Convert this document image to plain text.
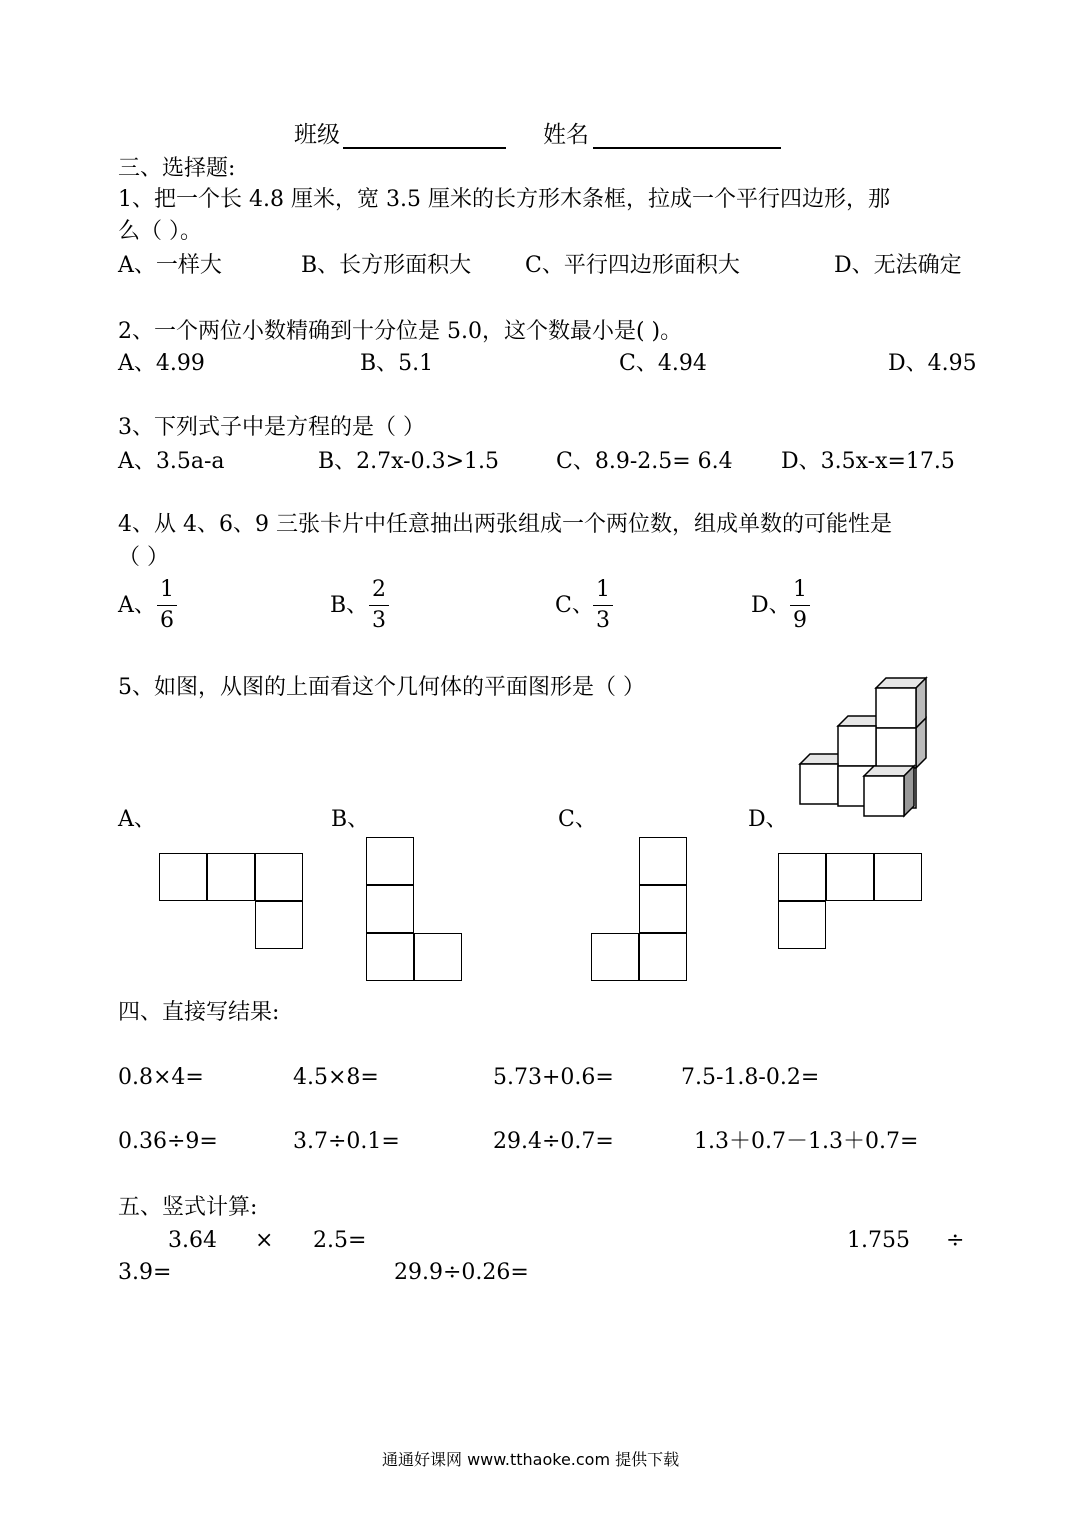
班级	姓名
三、选择题:
1、把一个长 4.8 厘米，宽 3.5 厘米的长方形木条框，拉成一个平行四边形，那
么（ ）。
A、一样大	B、长方形面积大 C、平行四边形面积大	D、无法确定
2、一个两位小数精确到十分位是 5.0，这个数最小是( )。
A、4.99	B、5.1	C、4.94	D、4.95
3、下列式子中是方程的是（ ）
A、3.5a-a	B、2.7x-0.3>1.5	C、8.9-2.5= 6.4 D、3.5x-x=17.5
4、从 4、6、9 三张卡片中任意抽出两张组成一个两位数，组成单数的可能性是
（ ）
A、
1
6
B、
2
3
C、
1
3
D、
1
9
5、如图，从图的上面看这个几何体的平面图形是（ ）
A、	B、	C、	D、
四、直接写结果:
0.8×4=	4.5×8=	5.73+0.6=	7.5-1.8-0.2=
0.36÷9=	3.7÷0.1=	29.4÷0.7=	1.3＋0.7－1.3＋0.7=
五、竖式计算:
3.64 × 2.5=	1.755 ÷
3.9=	29.9÷0.26=
通通好课网 www.tthaoke.com 提供下载
